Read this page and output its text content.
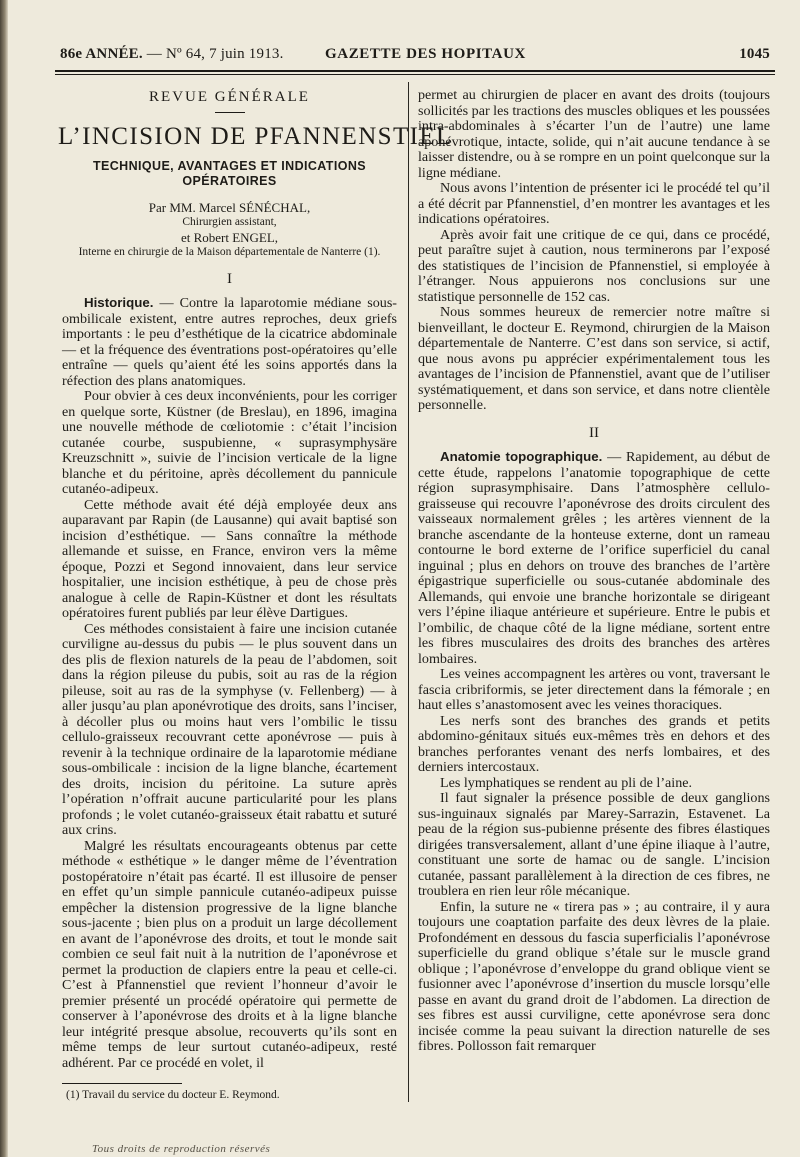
86e ANNÉE. — Nº 64, 7 juin 1913.	GAZETTE DES HOPITAUX	1045
REVUE GÉNÉRALE
L’INCISION DE PFANNENSTIEL
TECHNIQUE, AVANTAGES ET INDICATIONS OPÉRATOIRES
Par MM. Marcel SÉNÉCHAL,
Chirurgien assistant,
et Robert ENGEL,
Interne en chirurgie de la Maison départementale de Nanterre (1).
I

Historique. — Contre la laparotomie médiane sous-ombilicale existent, entre autres reproches, deux griefs importants : le peu d’esthétique de la cicatrice abdominale — et la fréquence des éventrations post-opératoires qu’elle entraîne — quels qu’aient été les soins apportés dans la réfection des plans anatomiques.

Pour obvier à ces deux inconvénients, pour les corriger en quelque sorte, Küstner (de Breslau), en 1896, imagina une nouvelle méthode de cœliotomie : c’était l’incision cutanée courbe, suspubienne, « suprasymphysäre Kreuzschnitt », suivie de l’incision verticale de la ligne blanche et du péritoine, après décollement du pannicule cutanéo-adipeux.

Cette méthode avait été déjà employée deux ans auparavant par Rapin (de Lausanne) qui avait baptisé son incision d’esthétique. — Sans connaître la méthode allemande et suisse, en France, environ vers la même époque, Pozzi et Segond innovaient, dans leur service hospitalier, une incision esthétique, à peu de chose près analogue à celle de Rapin-Küstner et dont les résultats opératoires furent publiés par leur élève Dartigues.

Ces méthodes consistaient à faire une incision cutanée curviligne au-dessus du pubis — le plus souvent dans un des plis de flexion naturels de la peau de l’abdomen, soit dans la région pileuse du pubis, soit au ras de la région pileuse, soit au ras de la symphyse (v. Fellenberg) — à aller jusqu’au plan aponévrotique des droits, sans l’inciser, à décoller plus ou moins haut vers l’ombilic le tissu cellulo-graisseux recouvrant cette aponévrose — puis à revenir à la technique ordinaire de la laparotomie médiane sous-ombilicale : incision de la ligne blanche, écartement des droits, incision du péritoine. La suture après l’opération n’offrait aucune particularité pour les plans profonds ; le volet cutanéo-graisseux était rabattu et suturé aux crins.

Malgré les résultats encourageants obtenus par cette méthode « esthétique » le danger même de l’éventration postopératoire n’était pas écarté. Il est illusoire de penser en effet qu’un simple pannicule cutanéo-adipeux puisse empêcher la distension progressive de la ligne blanche sous-jacente ; bien plus on a produit un large décollement en avant de l’aponévrose des droits, et tout le monde sait combien ce seul fait nuit à la nutrition de l’aponévrose et permet la production de clapiers entre la peau et celle-ci. C’est à Pfannenstiel que revient l’honneur d’avoir le premier présenté un procédé opératoire qui permette de conserver à l’aponévrose des droits et à la ligne blanche leur intégrité presque absolue, recouverts qu’ils sont en même temps de leur surtout cutanéo-adipeux, resté adhérent. Par ce procédé en volet, il

permet au chirurgien de placer en avant des droits (toujours sollicités par les tractions des muscles obliques et les poussées intra-abdominales à s’écarter l’un de l’autre) une lame aponévrotique, intacte, solide, qui n’ait aucune tendance à se laisser distendre, ou à se rompre en un point quelconque sur la ligne médiane.

Nous avons l’intention de présenter ici le procédé tel qu’il a été décrit par Pfannenstiel, d’en montrer les avantages et les indications opératoires.

Après avoir fait une critique de ce qui, dans ce procédé, peut paraître sujet à caution, nous terminerons par l’exposé des statistiques de l’incision de Pfannenstiel, si employée à l’étranger. Nous appuierons nos conclusions sur une statistique personnelle de 152 cas.

Nous sommes heureux de remercier notre maître si bienveillant, le docteur E. Reymond, chirurgien de la Maison départementale de Nanterre. C’est dans son service, si actif, que nous avons pu apprécier expérimentalement tous les avantages de l’incision de Pfannenstiel, avant que de l’utiliser systématiquement, et dans son service, et dans notre clientèle personnelle.

II

Anatomie topographique. — Rapidement, au début de cette étude, rappelons l’anatomie topographique de cette région suprasymphisaire. Dans l’atmosphère cellulo-graisseuse qui recouvre l’aponévrose des droits circulent des vaisseaux normalement grêles ; les artères viennent de la branche ascendante de la honteuse externe, dont un rameau contourne le bord externe de l’orifice superficiel du canal inguinal ; plus en dehors on trouve des branches de l’artère épigastrique superficielle ou sous-cutanée abdominale des Allemands, qui envoie une branche horizontale se dirigeant vers l’épine iliaque antérieure et supérieure. Entre le pubis et l’ombilic, de chaque côté de la ligne médiane, sortent entre les fibres musculaires des droits des branches des artères lombaires.

Les veines accompagnent les artères ou vont, traversant le fascia cribriformis, se jeter directement dans la fémorale ; en haut elles s’anastomosent avec les veines thoraciques.

Les nerfs sont des branches des grands et petits abdomino-génitaux situés eux-mêmes très en dehors et des branches perforantes venant des nerfs lombaires, et des derniers intercostaux.

Les lymphatiques se rendent au pli de l’aine.

Il faut signaler la présence possible de deux ganglions sus-inguinaux signalés par Marey-Sarrazin, Estavenet. La peau de la région sus-pubienne présente des fibres élastiques dirigées transversalement, allant d’une épine iliaque à l’autre, constituant une sorte de hamac ou de sangle. L’incision cutanée, passant parallèlement à la direction de ces fibres, ne troublera en rien leur rôle mécanique.

Enfin, la suture ne « tirera pas » ; au contraire, il y aura toujours une coaptation parfaite des deux lèvres de la plaie. Profondément en dessous du fascia superficialis l’aponévrose superficielle du grand oblique s’étale sur le muscle grand oblique ; l’aponévrose d’enveloppe du grand oblique vient se fusionner avec l’aponévrose d’insertion du muscle lorsqu’elle passe en avant du grand droit de l’abdomen. La direction de ses fibres est aussi curviligne, cette aponévrose sera donc incisée comme la peau suivant la direction naturelle de ses fibres. Pollosson fait remarquer

(1) Travail du service du docteur E. Reymond.
Tous droits de reproduction réservés
